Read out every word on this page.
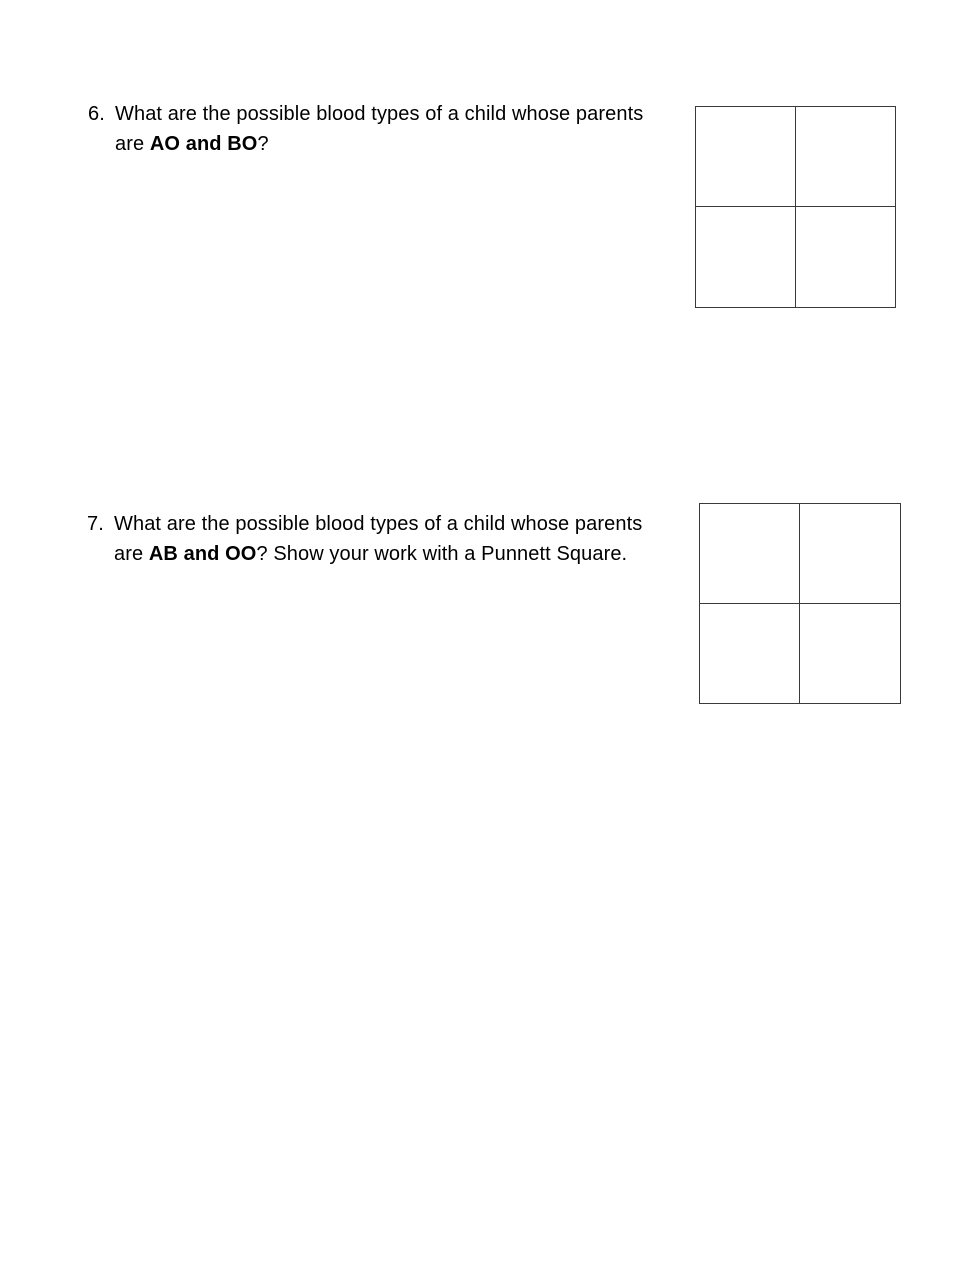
6. What are the possible blood types of a child whose parents
are AO and BO?
7. What are the possible blood types of a child whose parents
are AB and OO? Show your work with a Punnett Square.
